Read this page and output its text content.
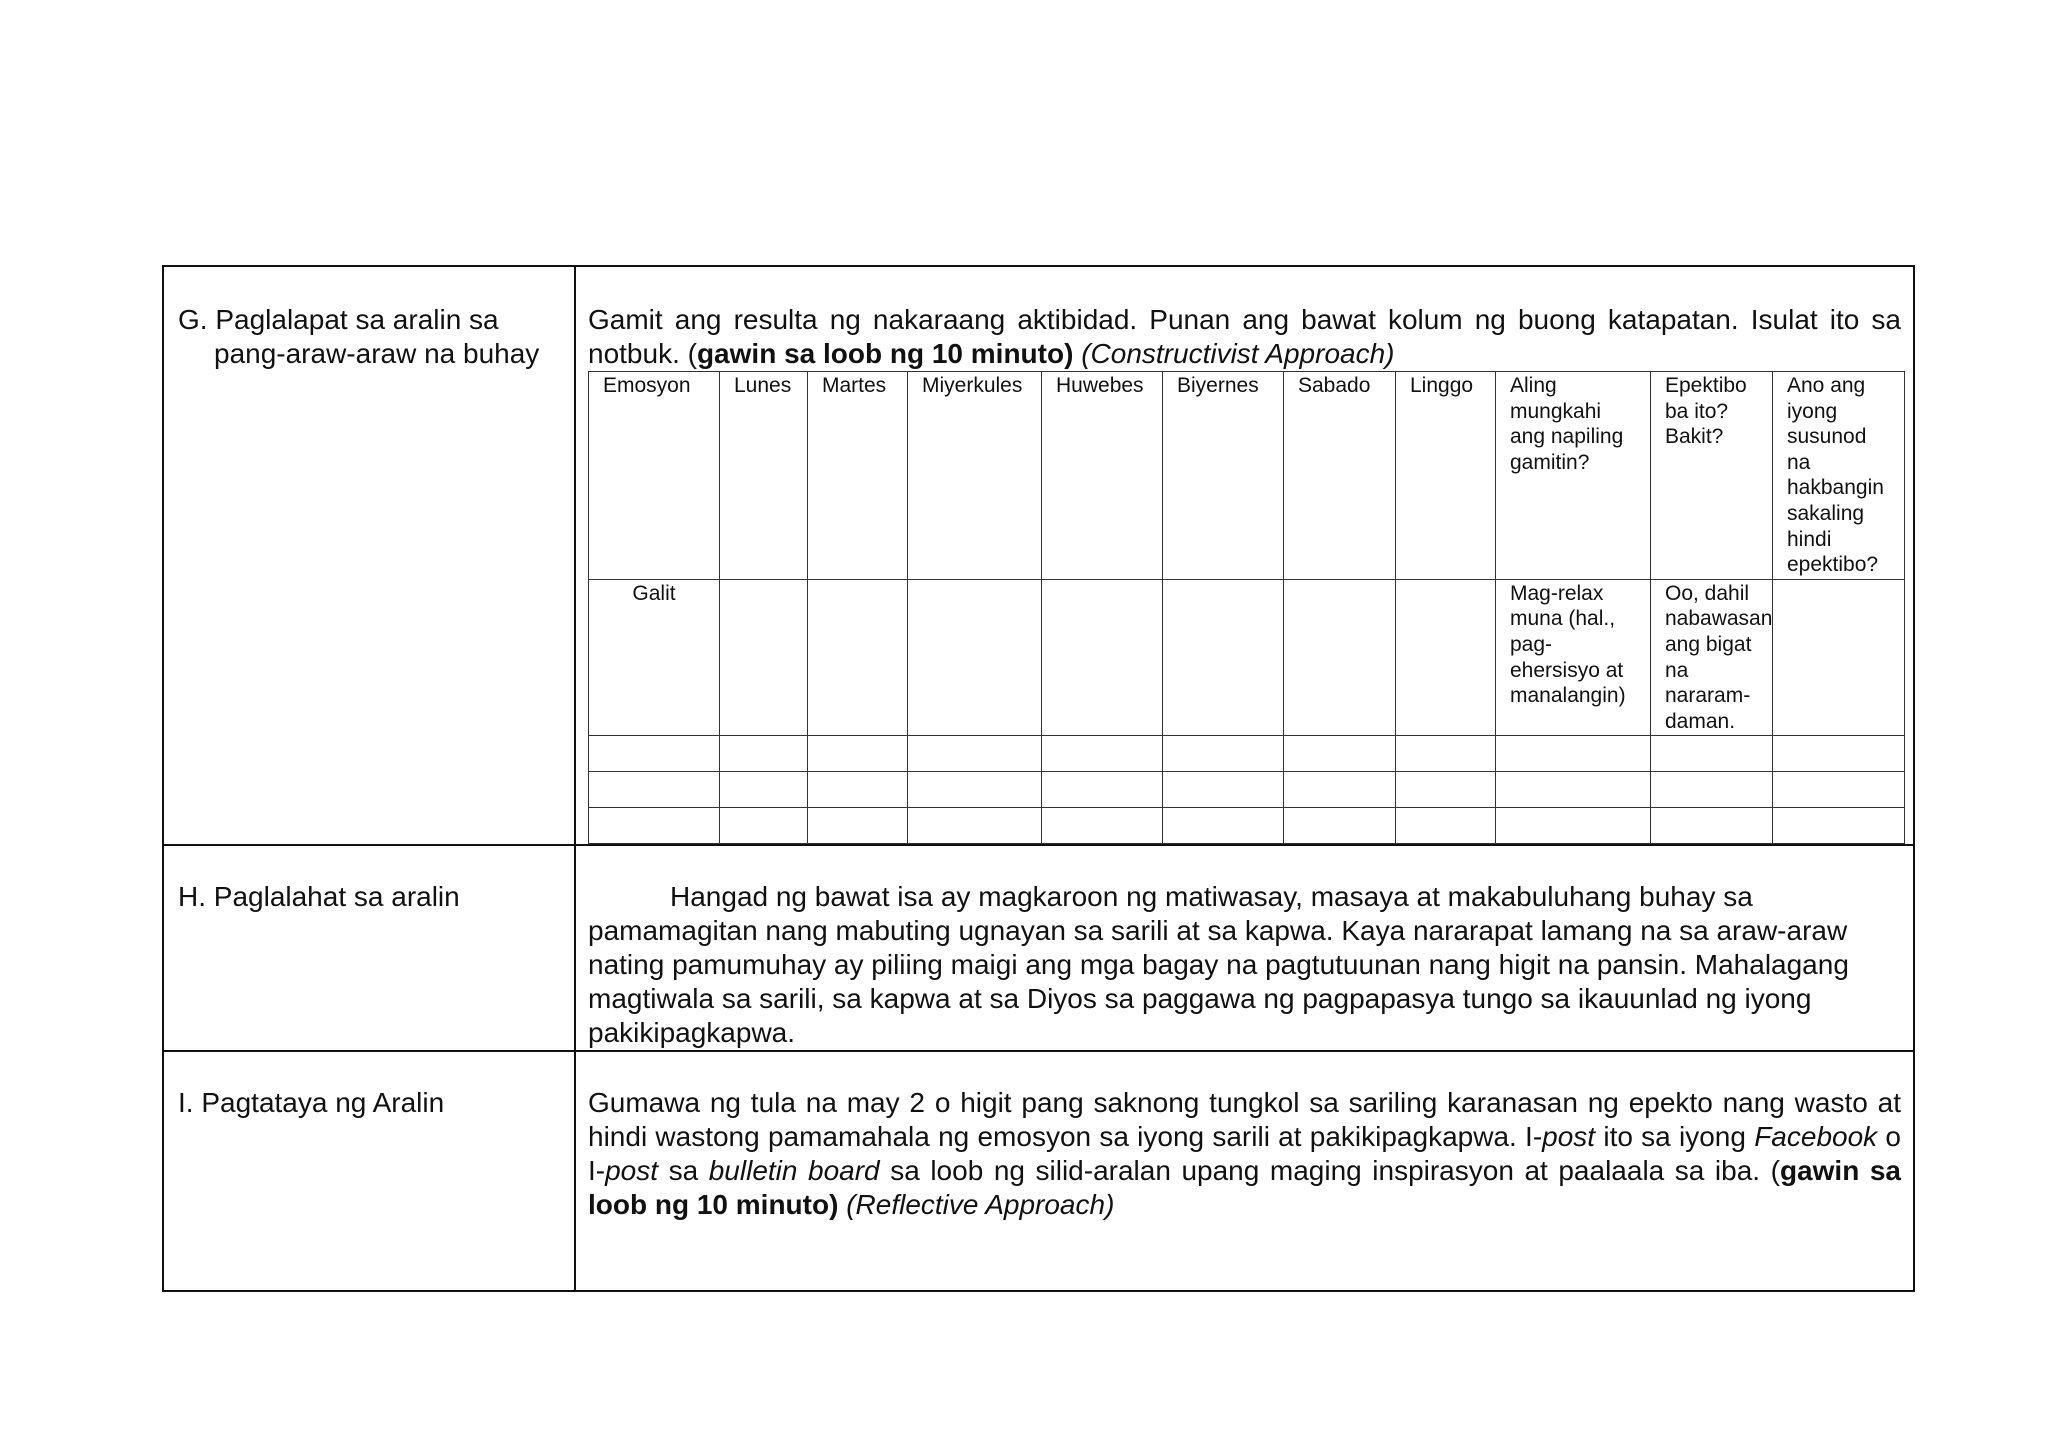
G. Paglalapat sa aralin sa
pang-araw-araw na buhay

Gamit ang resulta ng nakaraang aktibidad. Punan ang bawat kolum ng buong katapatan. Isulat ito sa notbuk. (gawin sa loob ng 10 minuto) (Constructivist Approach)
Emosyon	Lunes	Martes	Miyerkules	Huwebes	Biyernes	Sabado	Linggo	Aling mungkahi ang napiling gamitin?	Epektibo ba ito? Bakit?	Ano ang iyong susunod na hakbangin sakaling hindi epektibo?
Galit								Mag-relax muna (hal., pag-ehersisyo at manalangin)	Oo, dahil nabawasan ang bigat na nararam-daman.	

H. Paglalahat sa aralin	Hangad ng bawat isa ay magkaroon ng matiwasay, masaya at makabuluhang buhay sa pamamagitan nang mabuting ugnayan sa sarili at sa kapwa. Kaya nararapat lamang na sa araw-araw nating pamumuhay ay piliing maigi ang mga bagay na pagtutuunan nang higit na pansin. Mahalagang magtiwala sa sarili, sa kapwa at sa Diyos sa paggawa ng pagpapasya tungo sa ikauunlad ng iyong pakikipagkapwa.

I. Pagtataya ng Aralin	Gumawa ng tula na may 2 o higit pang saknong tungkol sa sariling karanasan ng epekto nang wasto at hindi wastong pamamahala ng emosyon sa iyong sarili at pakikipagkapwa. I-post ito sa iyong Facebook o I-post sa bulletin board sa loob ng silid-aralan upang maging inspirasyon at paalaala sa iba. (gawin sa loob ng 10 minuto) (Reflective Approach)
